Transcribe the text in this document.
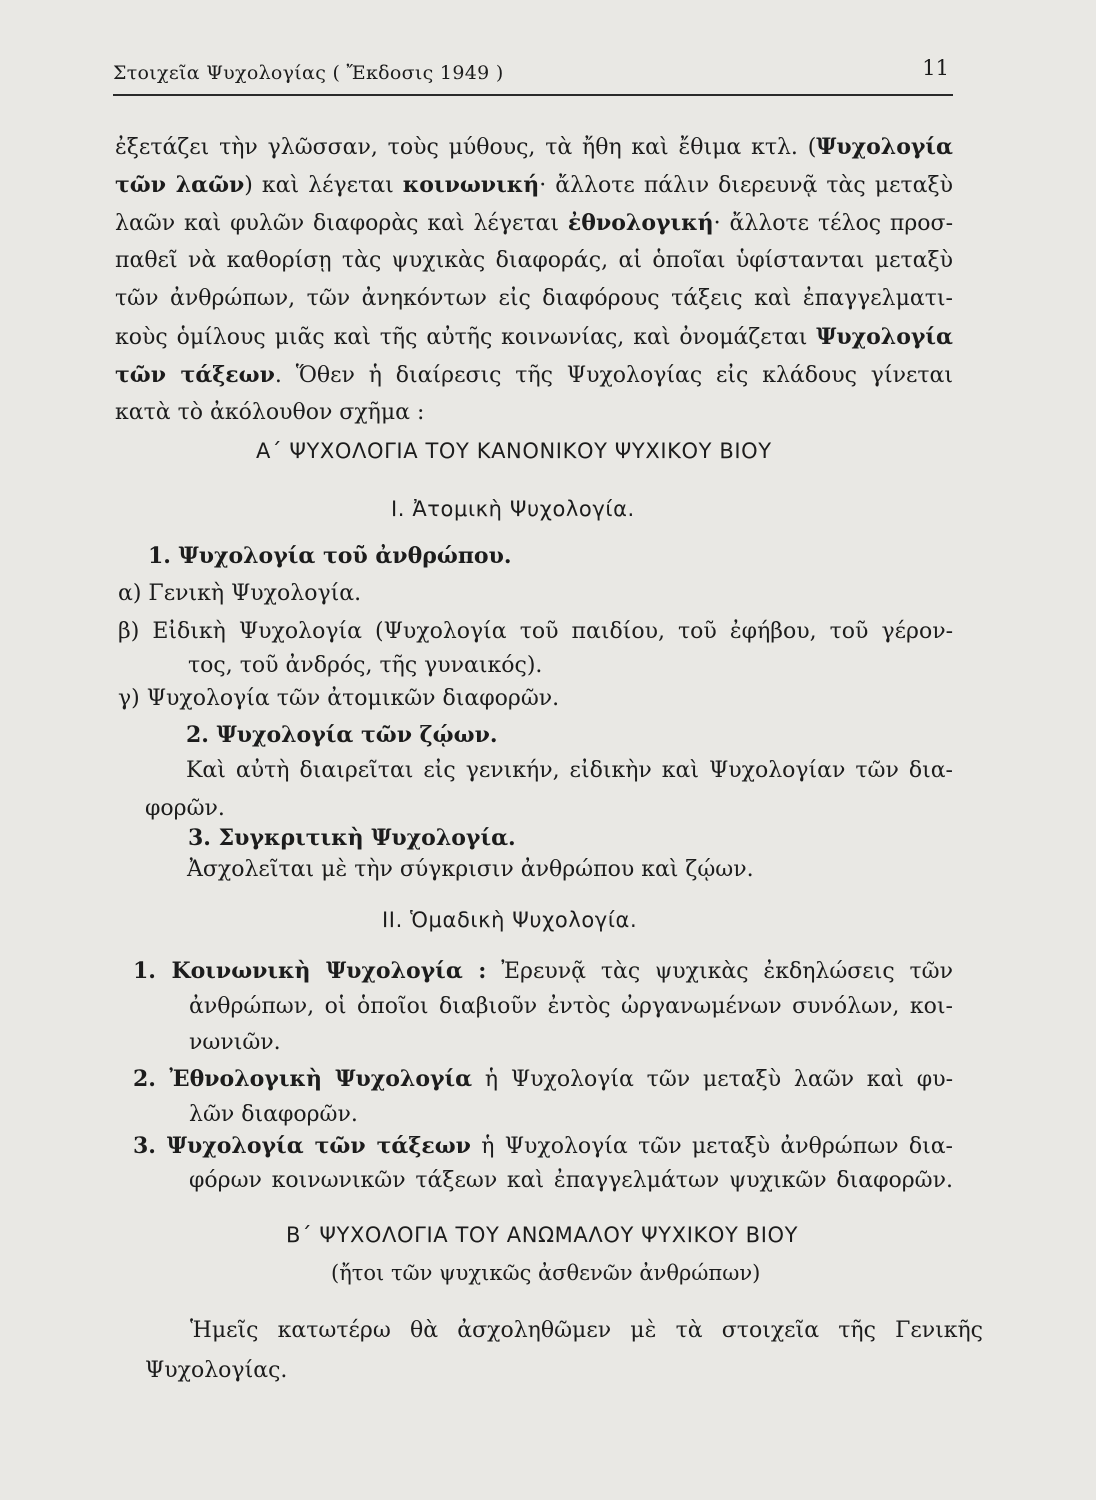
Στοιχεῖα Ψυχολογίας ( Ἔκδοσις 1949 )	11
ἐξετάζει τὴν γλῶσσαν, τοὺς μύθους, τὰ ἤθη καὶ ἔθιμα κτλ. (Ψυχολογία
τῶν λαῶν) καὶ λέγεται κοινωνική· ἄλλοτε πάλιν διερευνᾷ τὰς μεταξὺ
λαῶν καὶ φυλῶν διαφορὰς καὶ λέγεται ἐθνολογική· ἄλλοτε τέλος προσ-
παθεῖ νὰ καθορίσῃ τὰς ψυχικὰς διαφοράς, αἱ ὁποῖαι ὑφίστανται μεταξὺ
τῶν ἀνθρώπων, τῶν ἀνηκόντων εἰς διαφόρους τάξεις καὶ ἐπαγγελματι-
κοὺς ὁμίλους μιᾶς καὶ τῆς αὐτῆς κοινωνίας, καὶ ὀνομάζεται Ψυχολογία
τῶν τάξεων. Ὅθεν ἡ διαίρεσις τῆς Ψυχολογίας εἰς κλάδους γίνεται
κατὰ τὸ ἀκόλουθον σχῆμα :
Α΄ ΨΥΧΟΛΟΓΙΑ ΤΟΥ ΚΑΝΟΝΙΚΟΥ ΨΥΧΙΚΟΥ ΒΙΟΥ
Ι. Ἀτομικὴ Ψυχολογία.
1. Ψυχολογία τοῦ ἀνθρώπου.
α) Γενικὴ Ψυχολογία.
β) Εἰδικὴ Ψυχολογία (Ψυχολογία τοῦ παιδίου, τοῦ ἐφήβου, τοῦ γέρον-
τος, τοῦ ἀνδρός, τῆς γυναικός).
γ) Ψυχολογία τῶν ἀτομικῶν διαφορῶν.
2. Ψυχολογία τῶν ζῴων.
Καὶ αὐτὴ διαιρεῖται εἰς γενικήν, εἰδικὴν καὶ Ψυχολογίαν τῶν δια-
φορῶν.
3. Συγκριτικὴ Ψυχολογία.
Ἀσχολεῖται μὲ τὴν σύγκρισιν ἀνθρώπου καὶ ζῴων.
ΙΙ. Ὁμαδικὴ Ψυχολογία.
1. Κοινωνικὴ Ψυχολογία : Ἐρευνᾷ τὰς ψυχικὰς ἐκδηλώσεις τῶν
ἀνθρώπων, οἱ ὁποῖοι διαβιοῦν ἐντὸς ὠργανωμένων συνόλων, κοι-
νωνιῶν.
2. Ἐθνολογικὴ Ψυχολογία ἡ Ψυχολογία τῶν μεταξὺ λαῶν καὶ φυ-
λῶν διαφορῶν.
3. Ψυχολογία τῶν τάξεων ἡ Ψυχολογία τῶν μεταξὺ ἀνθρώπων δια-
φόρων κοινωνικῶν τάξεων καὶ ἐπαγγελμάτων ψυχικῶν διαφορῶν.
Β΄ ΨΥΧΟΛΟΓΙΑ ΤΟΥ ΑΝΩΜΑΛΟΥ ΨΥΧΙΚΟΥ ΒΙΟΥ
(ἤτοι τῶν ψυχικῶς ἀσθενῶν ἀνθρώπων)
Ἡμεῖς κατωτέρω θὰ ἀσχοληθῶμεν μὲ τὰ στοιχεῖα τῆς Γενικῆς
Ψυχολογίας.
